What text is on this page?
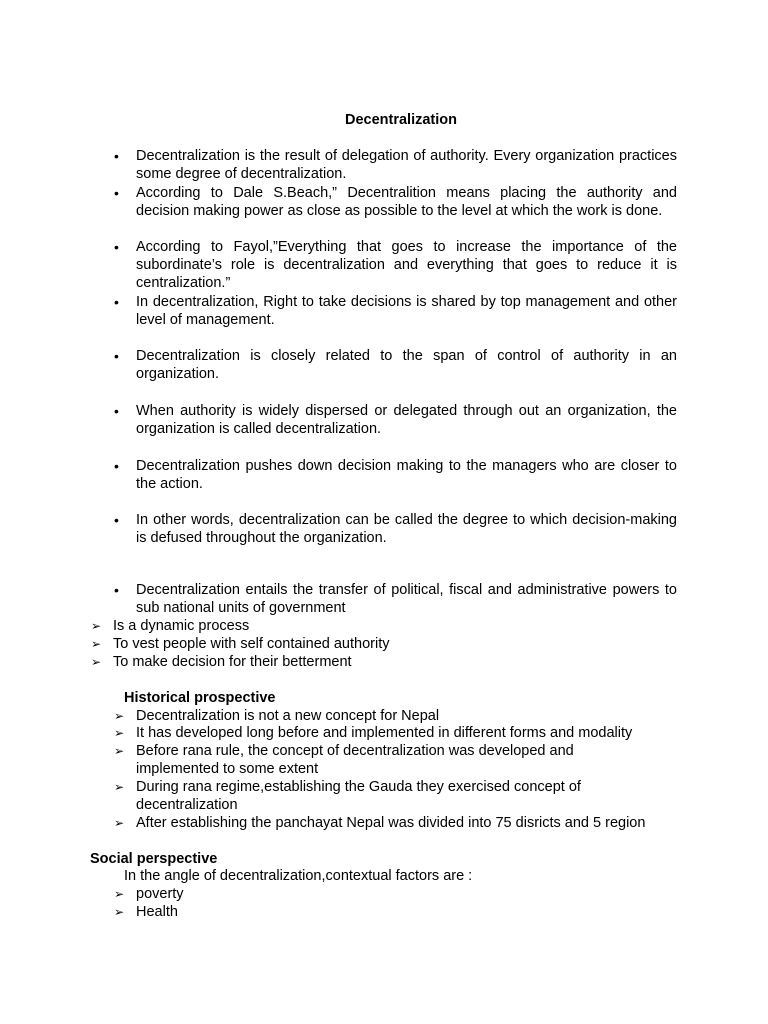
Decentralization
• Decentralization is the result of delegation of authority. Every organization practices some degree of decentralization.
• According to Dale S.Beach,” Decentralition means placing the authority and decision making power as close as possible to the level at which the work is done.
• According to Fayol,”Everything that goes to increase the importance of the subordinate’s role is decentralization and everything that goes to reduce it is centralization.”
• In decentralization, Right to take decisions is shared by top management and other level of management.
• Decentralization is closely related to the span of control of authority in an organization.
• When authority is widely dispersed or delegated through out an organization, the organization is called decentralization.
• Decentralization pushes down decision making to the managers who are closer to the action.
• In other words, decentralization can be called the degree to which decision-making is defused throughout the organization.
• Decentralization entails the transfer of political, fiscal and administrative powers to sub national units of government
➢ Is a dynamic process
➢ To vest people with self contained authority
➢ To make decision for their betterment
Historical prospective
➢ Decentralization is not a new concept for Nepal
➢ It has developed long before and implemented in different forms and modality
➢ Before rana rule, the concept of decentralization was developed and implemented to some extent
➢ During rana regime,establishing the Gauda they exercised concept of decentralization
➢ After establishing the panchayat Nepal was divided into 75 disricts and 5 region
Social perspective
In the angle of decentralization,contextual factors are :
➢ poverty
➢ Health
